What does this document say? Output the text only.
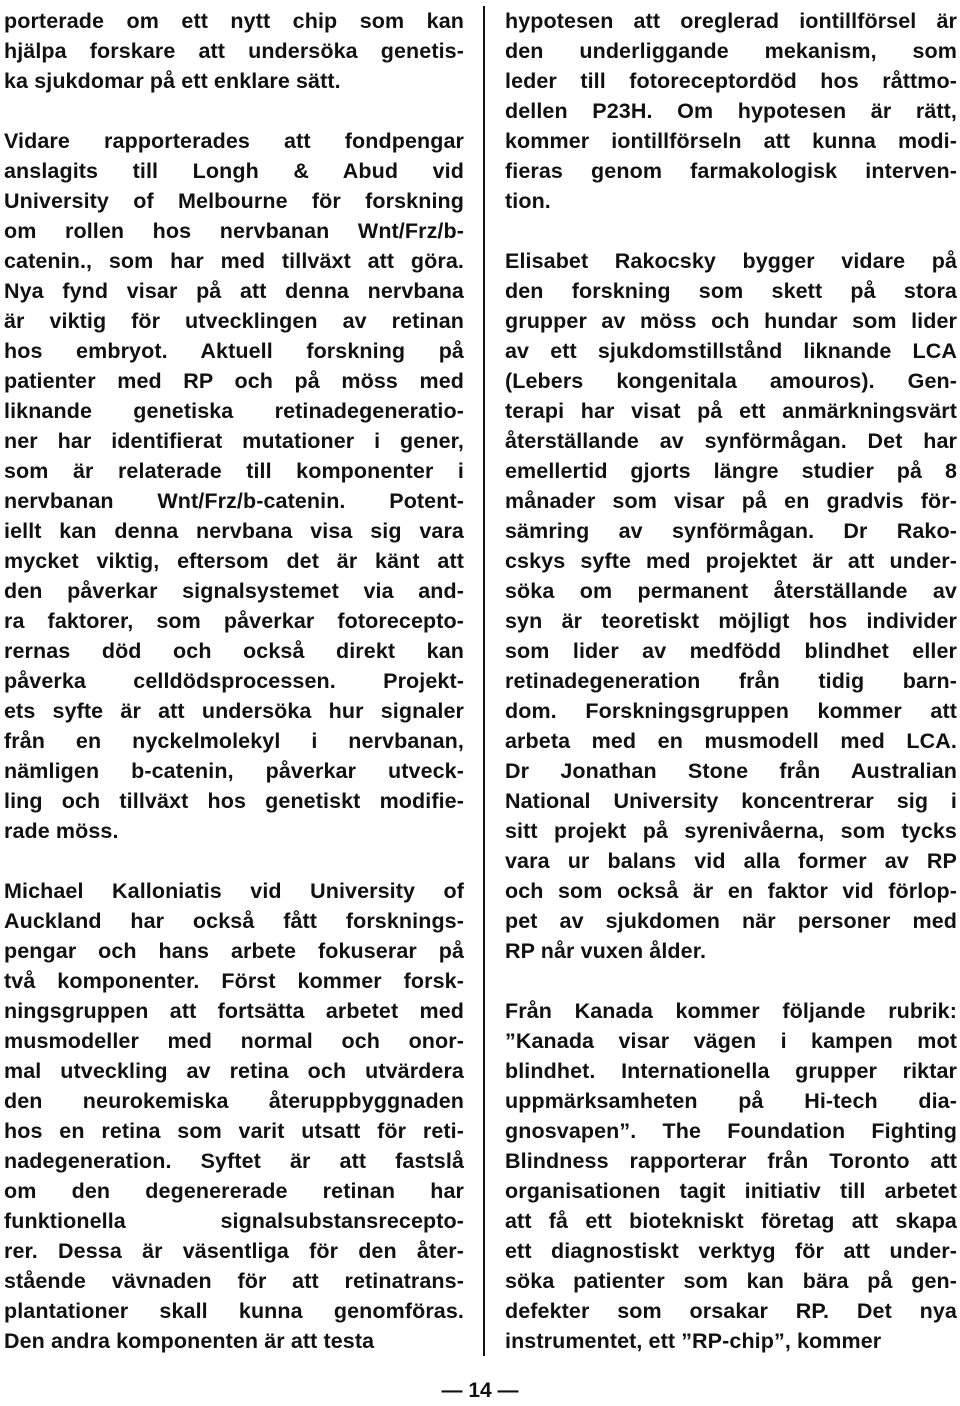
porterade om ett nytt chip som kan
hjälpa forskare att undersöka genetis-
ka sjukdomar på ett enklare sätt.
Vidare rapporterades att fondpengar
anslagits till Longh & Abud vid
University of Melbourne för forskning
om rollen hos nervbanan Wnt/Frz/b-
catenin., som har med tillväxt att göra.
Nya fynd visar på att denna nervbana
är viktig för utvecklingen av retinan
hos embryot. Aktuell forskning på
patienter med RP och på möss med
liknande genetiska retinadegeneratio-
ner har identifierat mutationer i gener,
som är relaterade till komponenter i
nervbanan Wnt/Frz/b-catenin. Potent-
iellt kan denna nervbana visa sig vara
mycket viktig, eftersom det är känt att
den påverkar signalsystemet via and-
ra faktorer, som påverkar fotorecepto-
rernas död och också direkt kan
påverka celldödsprocessen. Projekt-
ets syfte är att undersöka hur signaler
från en nyckelmolekyl i nervbanan,
nämligen b-catenin, påverkar utveck-
ling och tillväxt hos genetiskt modifie-
rade möss.
Michael Kalloniatis vid University of
Auckland har också fått forsknings-
pengar och hans arbete fokuserar på
två komponenter. Först kommer forsk-
ningsgruppen att fortsätta arbetet med
musmodeller med normal och onor-
mal utveckling av retina och utvärdera
den neurokemiska återuppbyggnaden
hos en retina som varit utsatt för reti-
nadegeneration. Syftet är att fastslå
om den degenererade retinan har
funktionella signalsubstansrecepto-
rer. Dessa är väsentliga för den åter-
stående vävnaden för att retinatrans-
plantationer skall kunna genomföras.
Den andra komponenten är att testa
hypotesen att oreglerad iontillförsel är
den underliggande mekanism, som
leder till fotoreceptordöd hos råttmo-
dellen P23H. Om hypotesen är rätt,
kommer iontillförseln att kunna modi-
fieras genom farmakologisk interven-
tion.
Elisabet Rakocsky bygger vidare på
den forskning som skett på stora
grupper av möss och hundar som lider
av ett sjukdomstillstånd liknande LCA
(Lebers kongenitala amouros). Gen-
terapi har visat på ett anmärkningsvärt
återställande av synförmågan. Det har
emellertid gjorts längre studier på 8
månader som visar på en gradvis för-
sämring av synförmågan. Dr Rako-
cskys syfte med projektet är att under-
söka om permanent återställande av
syn är teoretiskt möjligt hos individer
som lider av medfödd blindhet eller
retinadegeneration från tidig barn-
dom. Forskningsgruppen kommer att
arbeta med en musmodell med LCA.
Dr Jonathan Stone från Australian
National University koncentrerar sig i
sitt projekt på syrenivåerna, som tycks
vara ur balans vid alla former av RP
och som också är en faktor vid förlop-
pet av sjukdomen när personer med
RP når vuxen ålder.
Från Kanada kommer följande rubrik:
”Kanada visar vägen i kampen mot
blindhet. Internationella grupper riktar
uppmärksamheten på Hi-tech dia-
gnosvapen”. The Foundation Fighting
Blindness rapporterar från Toronto att
organisationen tagit initiativ till arbetet
att få ett biotekniskt företag att skapa
ett diagnostiskt verktyg för att under-
söka patienter som kan bära på gen-
defekter som orsakar RP. Det nya
instrumentet, ett ”RP-chip”, kommer
— 14 —
